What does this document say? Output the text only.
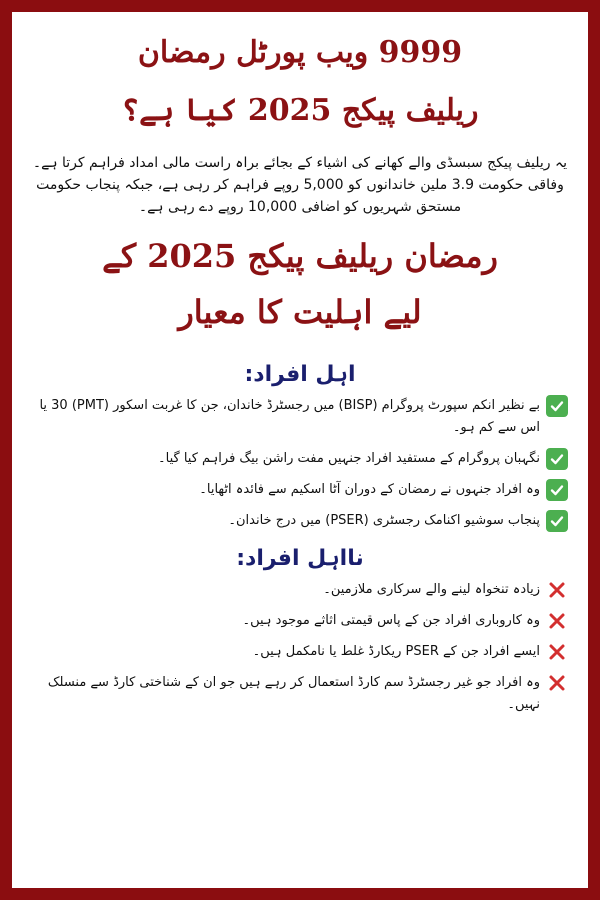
9999 ویب پورٹل رمضان
ریلیف پیکج 2025 کیا ہے؟

یہ ریلیف پیکج سبسڈی والے کھانے کی اشیاء کے بجائے براہ راست مالی امداد فراہم کرتا ہے۔ وفاقی حکومت 3.9 ملین خاندانوں کو 5,000 روپے فراہم کر رہی ہے، جبکہ پنجاب حکومت مستحق شہریوں کو اضافی 10,000 روپے دے رہی ہے۔

رمضان ریلیف پیکج 2025 کے
لیے اہلیت کا معیار
اہل افراد:
بے نظیر انکم سپورٹ پروگرام (BISP) میں رجسٹرڈ خاندان، جن کا غربت اسکور (PMT) 30 یا اس سے کم ہو۔
نگہبان پروگرام کے مستفید افراد جنہیں مفت راشن بیگ فراہم کیا گیا۔
وہ افراد جنہوں نے رمضان کے دوران آٹا اسکیم سے فائدہ اٹھایا۔
پنجاب سوشیو اکنامک رجسٹری (PSER) میں درج خاندان۔
نااہل افراد:
زیادہ تنخواہ لینے والے سرکاری ملازمین۔
وہ کاروباری افراد جن کے پاس قیمتی اثاثے موجود ہیں۔
ایسے افراد جن کے PSER ریکارڈ غلط یا نامکمل ہیں۔
وہ افراد جو غیر رجسٹرڈ سم کارڈ استعمال کر رہے ہیں جو ان کے شناختی کارڈ سے منسلک نہیں۔
